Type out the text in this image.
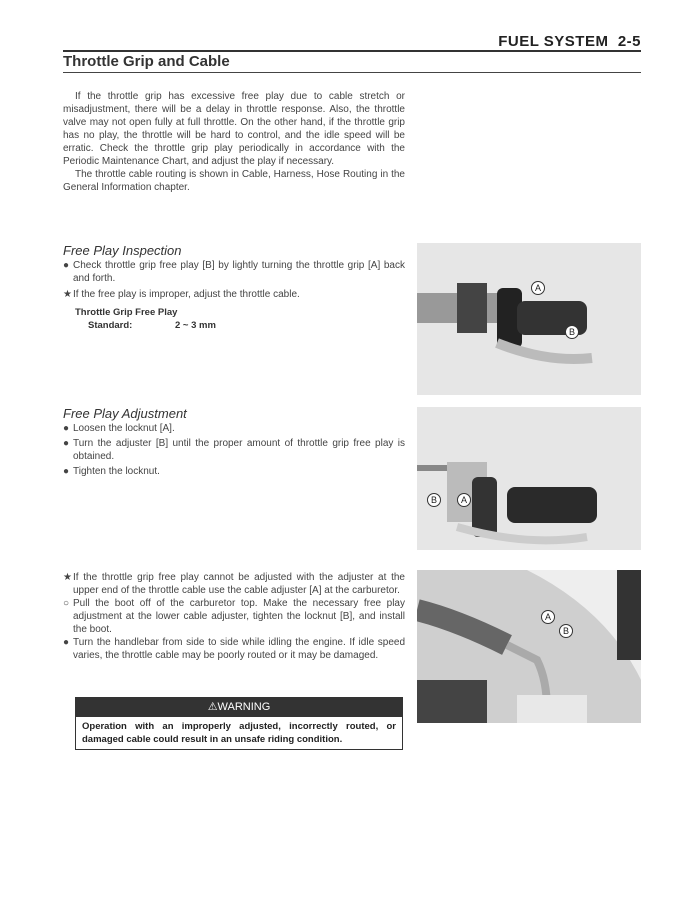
FUEL SYSTEM 2-5
Throttle Grip and Cable

If the throttle grip has excessive free play due to cable stretch or misadjustment, there will be a delay in throttle response. Also, the throttle valve may not open fully at full throttle. On the other hand, if the throttle grip has no play, the throttle will be hard to control, and the idle speed will be erratic. Check the throttle grip play periodically in accordance with the Periodic Maintenance Chart, and adjust the play if necessary.

The throttle cable routing is shown in Cable, Harness, Hose Routing in the General Information chapter.

Free Play Inspection

● Check throttle grip free play [B] by lightly turning the throttle grip [A] back and forth.

★ If the free play is improper, adjust the throttle cable.

Throttle Grip Free Play
Standard:	2 ~ 3 mm
Free Play Adjustment

● Loosen the locknut [A].

● Turn the adjuster [B] until the proper amount of throttle grip free play is obtained.

● Tighten the locknut.

★ If the throttle grip free play cannot be adjusted with the adjuster at the upper end of the throttle cable use the cable adjuster [A] at the carburetor.

○ Pull the boot off of the carburetor top. Make the necessary free play adjustment at the lower cable adjuster, tighten the locknut [B], and install the boot.

● Turn the handlebar from side to side while idling the engine. If idle speed varies, the throttle cable may be poorly routed or it may be damaged.

⚠WARNING
Operation with an improperly adjusted, incorrectly routed, or damaged cable could result in an unsafe riding condition.
A
B
B	A
A
B
